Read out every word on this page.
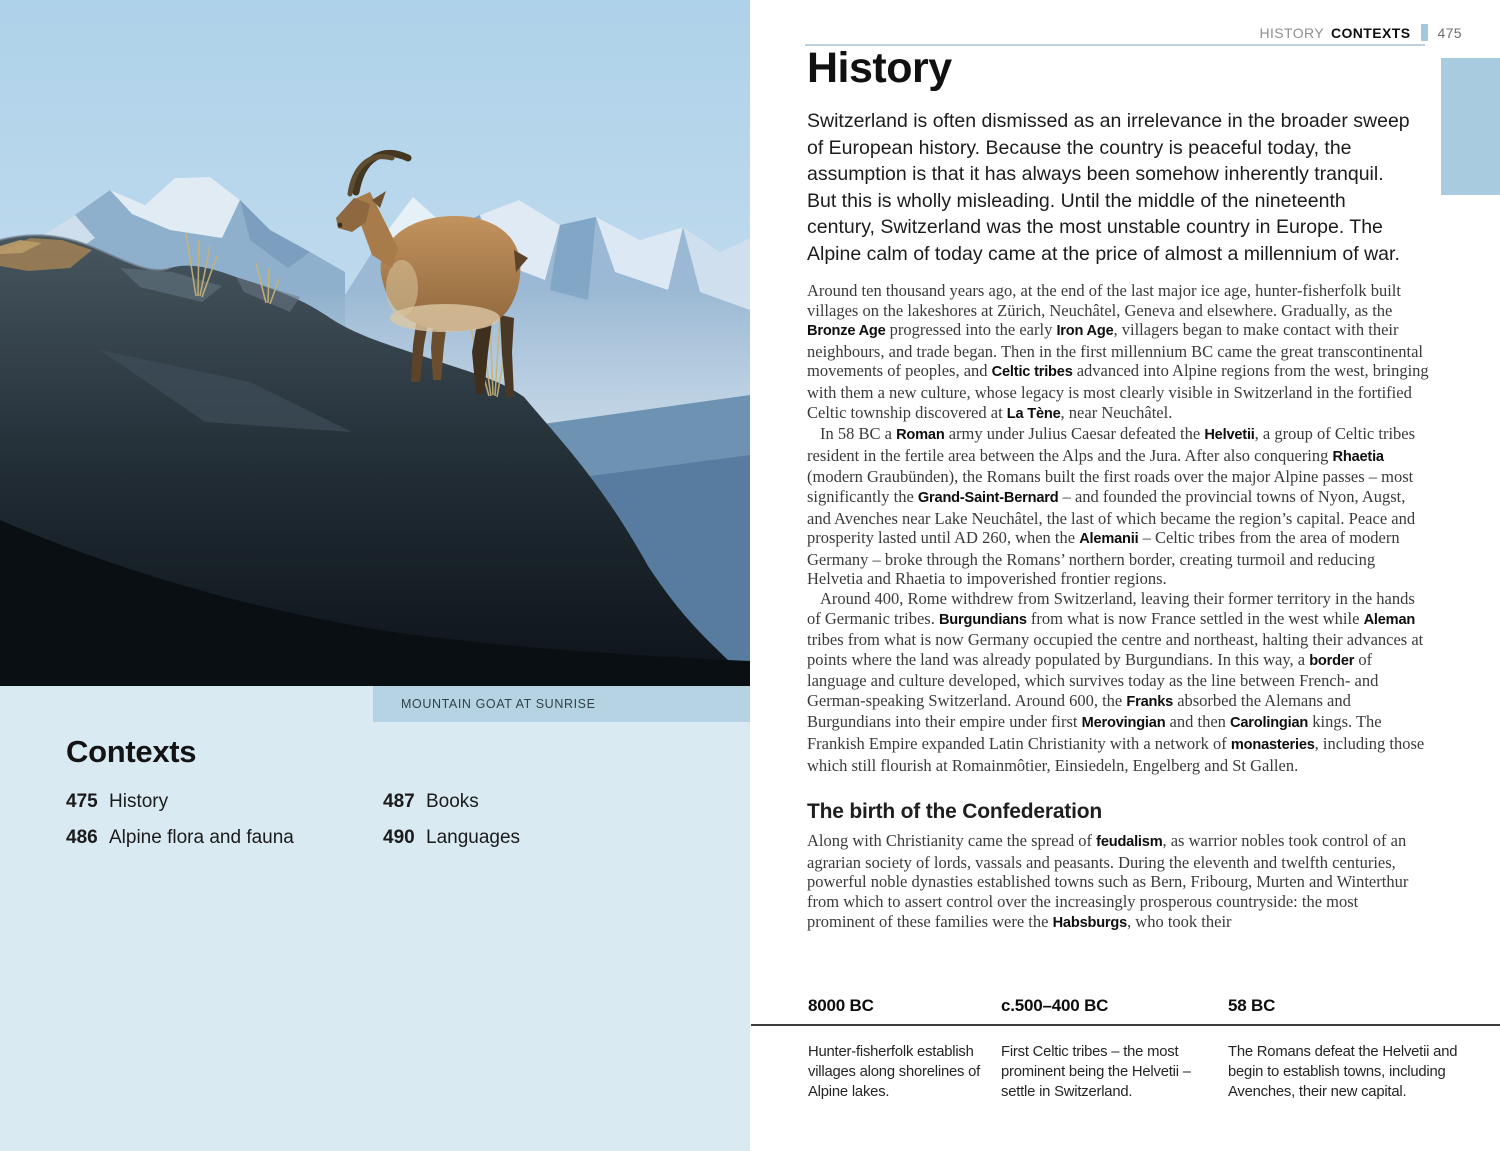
MOUNTAIN GOAT AT SUNRISE
Contexts
475 History
486 Alpine flora and fauna
487 Books
490 Languages
HISTORY CONTEXTS 475
History

Switzerland is often dismissed as an irrelevance in the broader sweep of European history. Because the country is peaceful today, the assumption is that it has always been somehow inherently tranquil. But this is wholly misleading. Until the middle of the nineteenth century, Switzerland was the most unstable country in Europe. The Alpine calm of today came at the price of almost a millennium of war.

Around ten thousand years ago, at the end of the last major ice age, hunter-fisherfolk built villages on the lakeshores at Zürich, Neuchâtel, Geneva and elsewhere. Gradually, as the Bronze Age progressed into the early Iron Age, villagers began to make contact with their neighbours, and trade began. Then in the first millennium BC came the great transcontinental movements of peoples, and Celtic tribes advanced into Alpine regions from the west, bringing with them a new culture, whose legacy is most clearly visible in Switzerland in the fortified Celtic township discovered at La Tène, near Neuchâtel.

In 58 BC a Roman army under Julius Caesar defeated the Helvetii, a group of Celtic tribes resident in the fertile area between the Alps and the Jura. After also conquering Rhaetia (modern Graubünden), the Romans built the first roads over the major Alpine passes – most significantly the Grand-Saint-Bernard – and founded the provincial towns of Nyon, Augst, and Avenches near Lake Neuchâtel, the last of which became the region’s capital. Peace and prosperity lasted until AD 260, when the Alemanii – Celtic tribes from the area of modern Germany – broke through the Romans’ northern border, creating turmoil and reducing Helvetia and Rhaetia to impoverished frontier regions.

Around 400, Rome withdrew from Switzerland, leaving their former territory in the hands of Germanic tribes. Burgundians from what is now France settled in the west while Aleman tribes from what is now Germany occupied the centre and northeast, halting their advances at points where the land was already populated by Burgundians. In this way, a border of language and culture developed, which survives today as the line between French- and German-speaking Switzerland. Around 600, the Franks absorbed the Alemans and Burgundians into their empire under first Merovingian and then Carolingian kings. The Frankish Empire expanded Latin Christianity with a network of monasteries, including those which still flourish at Romainmôtier, Einsiedeln, Engelberg and St Gallen.

The birth of the Confederation

Along with Christianity came the spread of feudalism, as warrior nobles took control of an agrarian society of lords, vassals and peasants. During the eleventh and twelfth centuries, powerful noble dynasties established towns such as Bern, Fribourg, Murten and Winterthur from which to assert control over the increasingly prosperous countryside: the most prominent of these families were the Habsburgs, who took their

8000 BC
Hunter-fisherfolk establish villages along shorelines of Alpine lakes.
c.500–400 BC
First Celtic tribes – the most prominent being the Helvetii – settle in Switzerland.
58 BC
The Romans defeat the Helvetii and begin to establish towns, including Avenches, their new capital.
